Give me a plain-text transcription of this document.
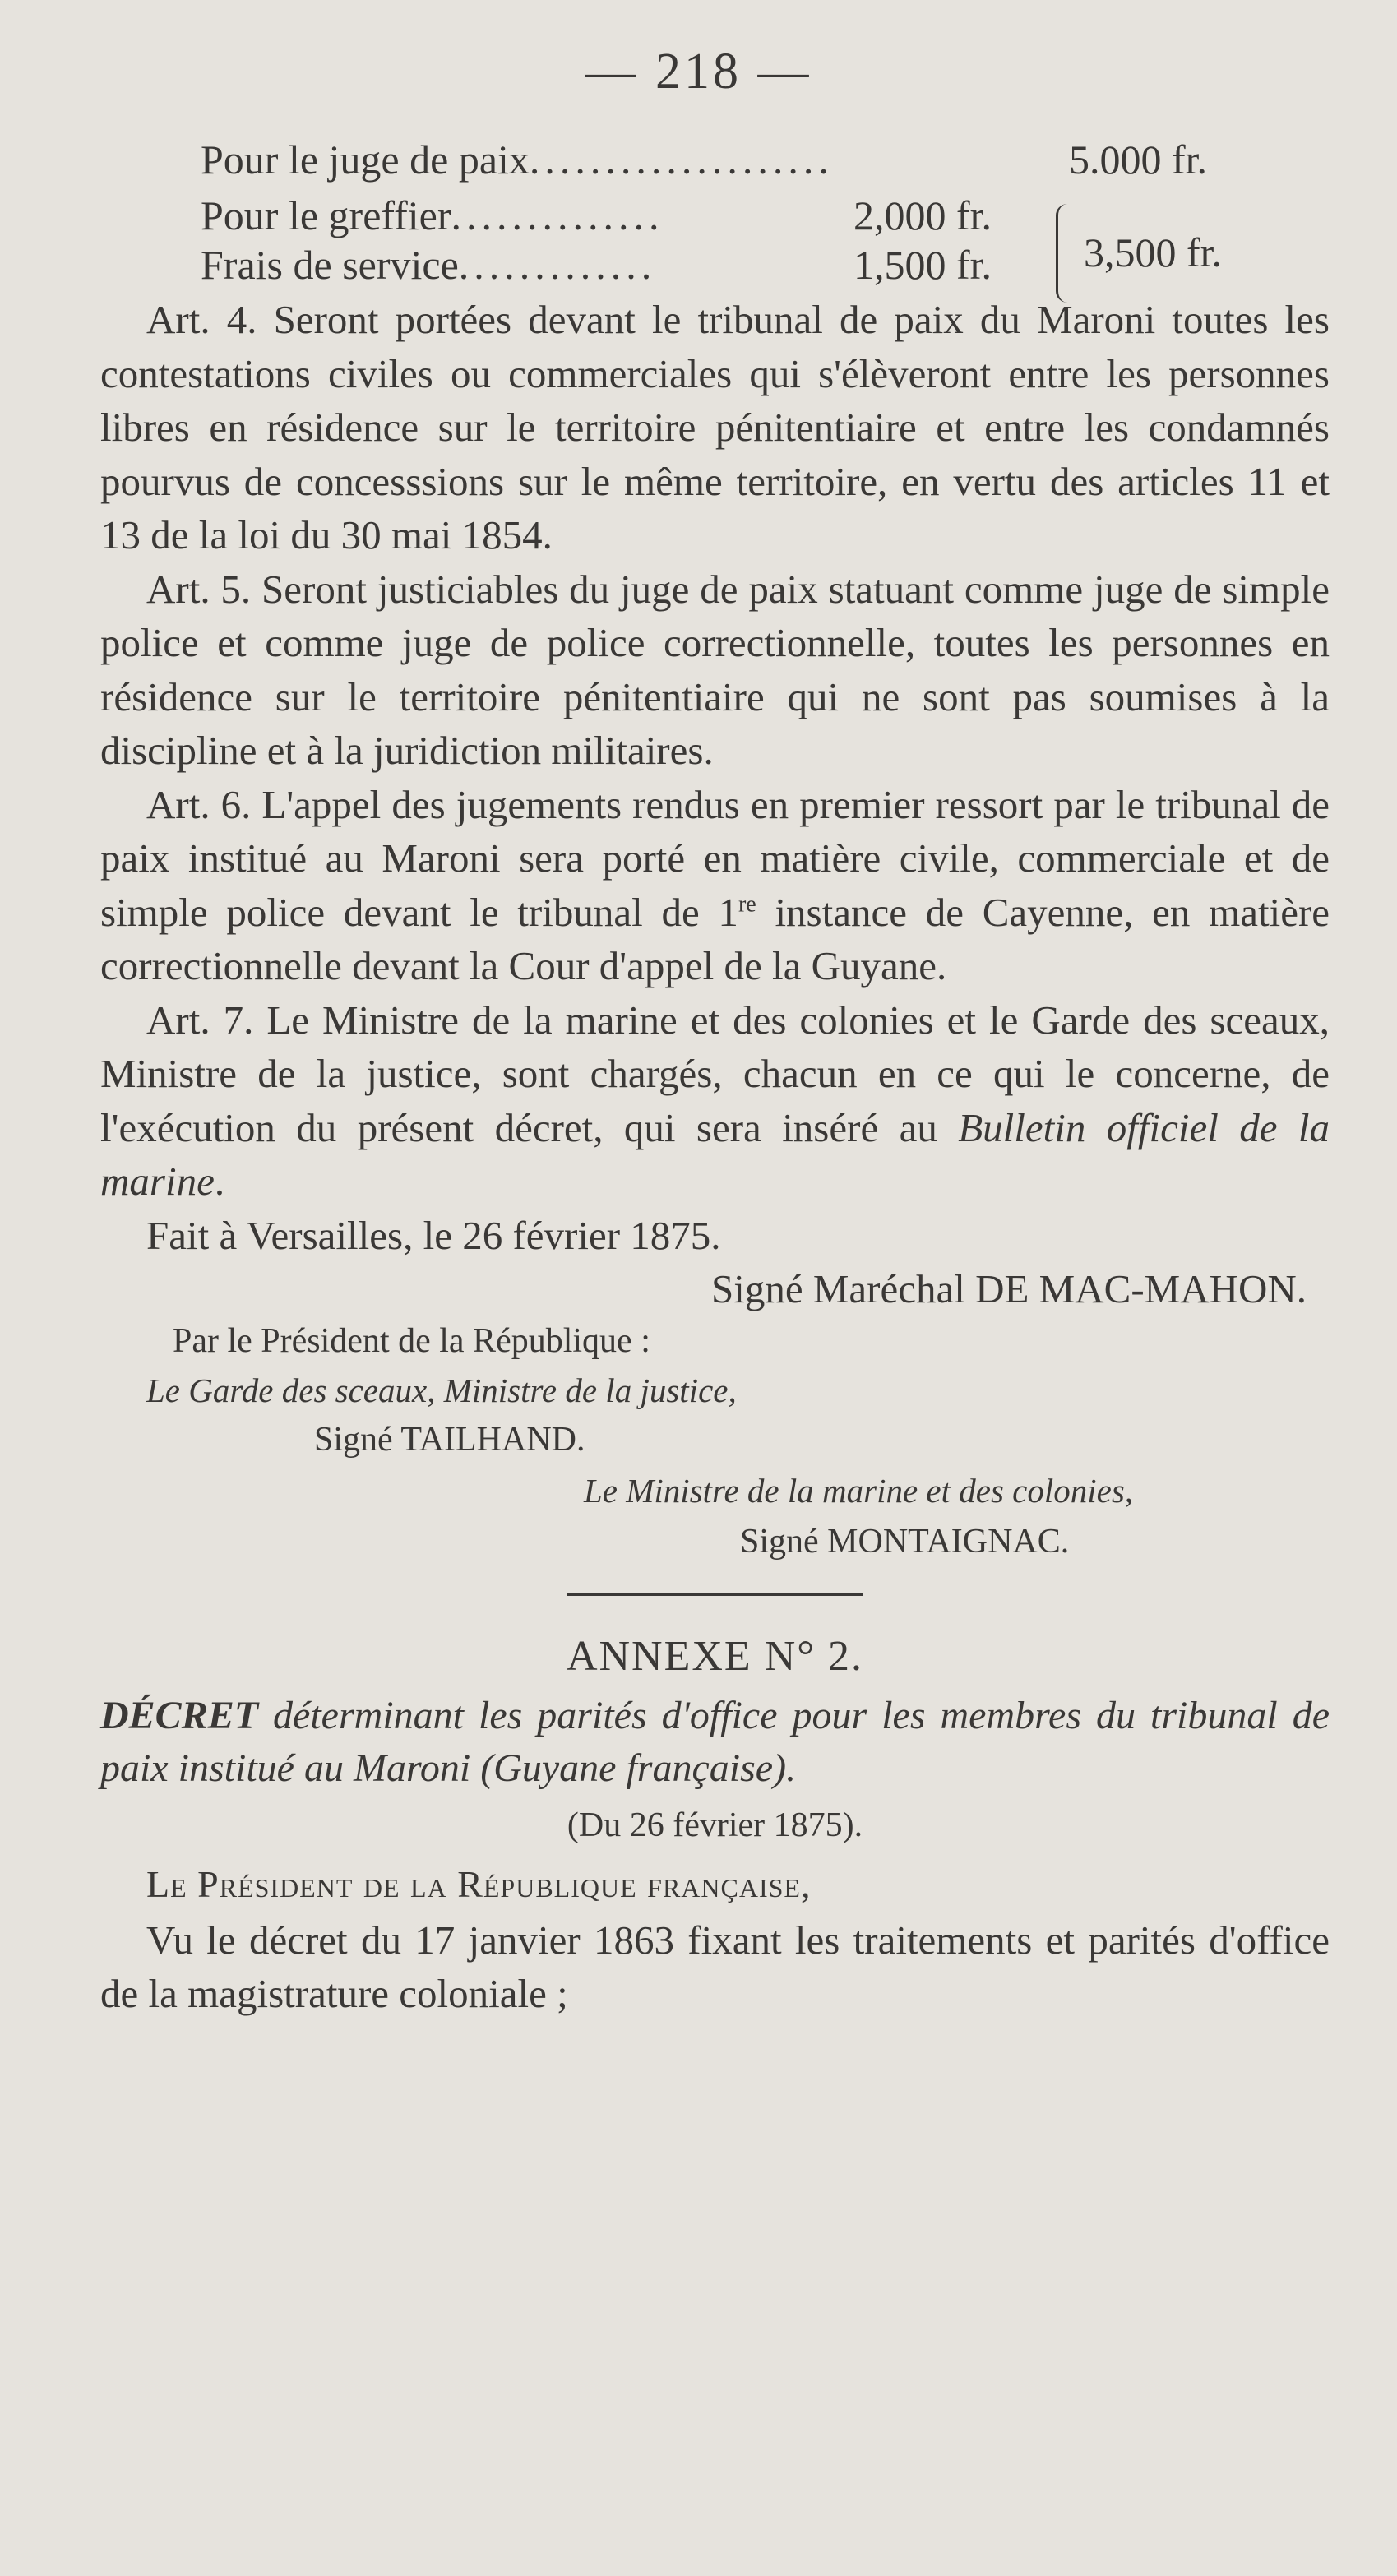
— 218 —
Pour le juge de paix....................	5.000 fr.
Pour le greffier..............	2,000 fr.
Frais de service.............	1,500 fr. 3,500 fr.

Art. 4. Seront portées devant le tribunal de paix du Maroni toutes les contestations civiles ou commerciales qui s'élèveront entre les personnes libres en résidence sur le territoire pénitentiaire et entre les condamnés pourvus de concesssions sur le même territoire, en vertu des articles 11 et 13 de la loi du 30 mai 1854.

Art. 5. Seront justiciables du juge de paix statuant comme juge de simple police et comme juge de police correctionnelle, toutes les personnes en résidence sur le territoire pénitentiaire qui ne sont pas soumises à la discipline et à la juridiction militaires.

Art. 6. L'appel des jugements rendus en premier ressort par le tribunal de paix institué au Maroni sera porté en matière civile, commerciale et de simple police devant le tribunal de 1re instance de Cayenne, en matière correctionnelle devant la Cour d'appel de la Guyane.

Art. 7. Le Ministre de la marine et des colonies et le Garde des sceaux, Ministre de la justice, sont chargés, chacun en ce qui le concerne, de l'exécution du présent décret, qui sera inséré au Bulletin officiel de la marine.

Fait à Versailles, le 26 février 1875.

Signé Maréchal DE MAC-MAHON.

Par le Président de la République :

Le Garde des sceaux, Ministre de la justice,

Signé TAILHAND.

Le Ministre de la marine et des colonies,

Signé MONTAIGNAC.

ANNEXE N° 2.

DÉCRET déterminant les parités d'office pour les membres du tribunal de paix institué au Maroni (Guyane française).

(Du 26 février 1875).

Le Président de la République française,

Vu le décret du 17 janvier 1863 fixant les traitements et parités d'office de la magistrature coloniale ;
